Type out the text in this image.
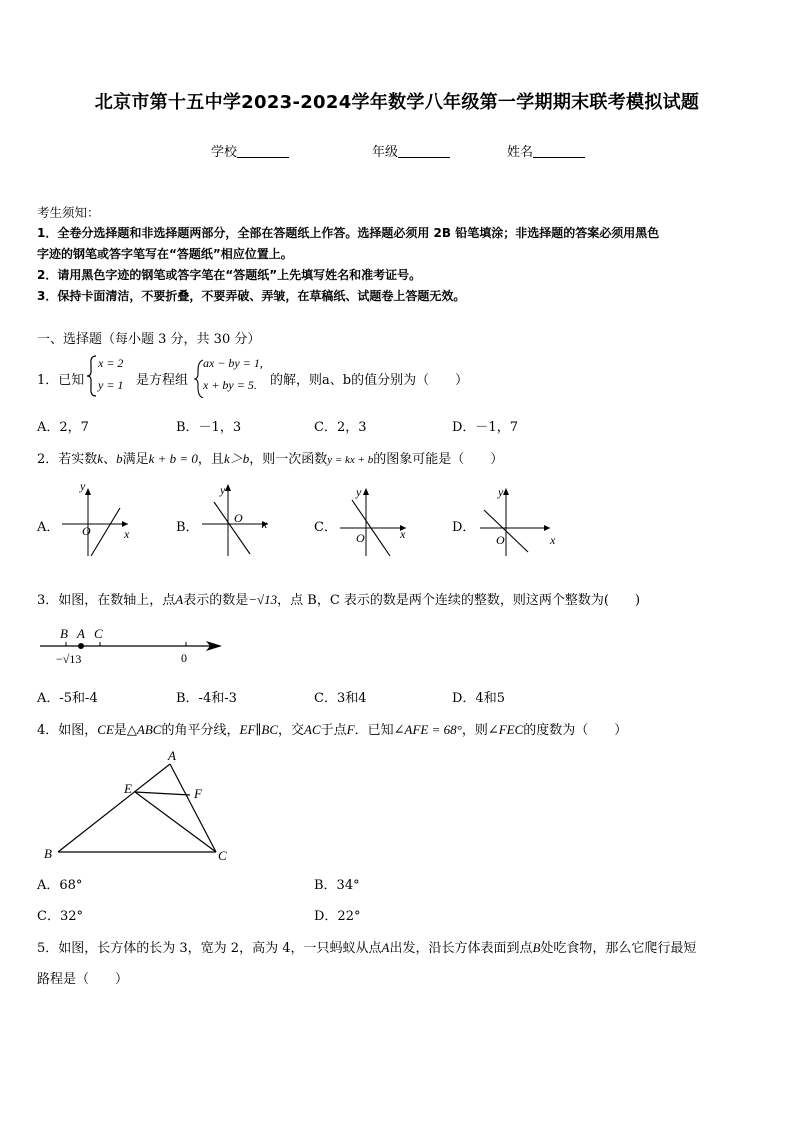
北京市第十五中学2023-2024学年数学八年级第一学期期末联考模拟试题
学校	年级	姓名
考生须知：
1．全卷分选择题和非选择题两部分，全部在答题纸上作答。选择题必须用 2B 铅笔填涂；非选择题的答案必须用黑色
字迹的钢笔或答字笔写在“答题纸”相应位置上。
2．请用黑色字迹的钢笔或答字笔在“答题纸”上先填写姓名和准考证号。
3．保持卡面清洁，不要折叠，不要弄破、弄皱，在草稿纸、试题卷上答题无效。
一、选择题（每小题 3 分，共 30 分）
1．已知
x = 2
y = 1 是方程组
ax − by = 1,
x + by = 5. 的解，则a、b的值分别为（　　）
A．2，7	B．－1，3	C．2，3	D．－1，7
2．若实数k、b满足k + b = 0，且k＞b，则一次函数y = kx + b的图象可能是（　　）
A．	B．	C．	D．
y
x
O
y
x
O
y
x
O
y
x
O
3．如图，在数轴上，点A表示的数是−√13，点 B，C 表示的数是两个连续的整数，则这两个整数为(　　)
B A C
−√13	0
A．-5和-4	B．-4和-3	C．3和4	D．4和5
4．如图，CE是△ABC的角平分线，EF∥BC，交AC于点F．已知∠AFE = 68°，则∠FEC的度数为（　　）
A
E	F
B	C
A．68°	B．34°
C．32°	D．22°
5．如图，长方体的长为 3，宽为 2，高为 4，一只蚂蚁从点A出发，沿长方体表面到点B处吃食物，那么它爬行最短
路程是（　　）
